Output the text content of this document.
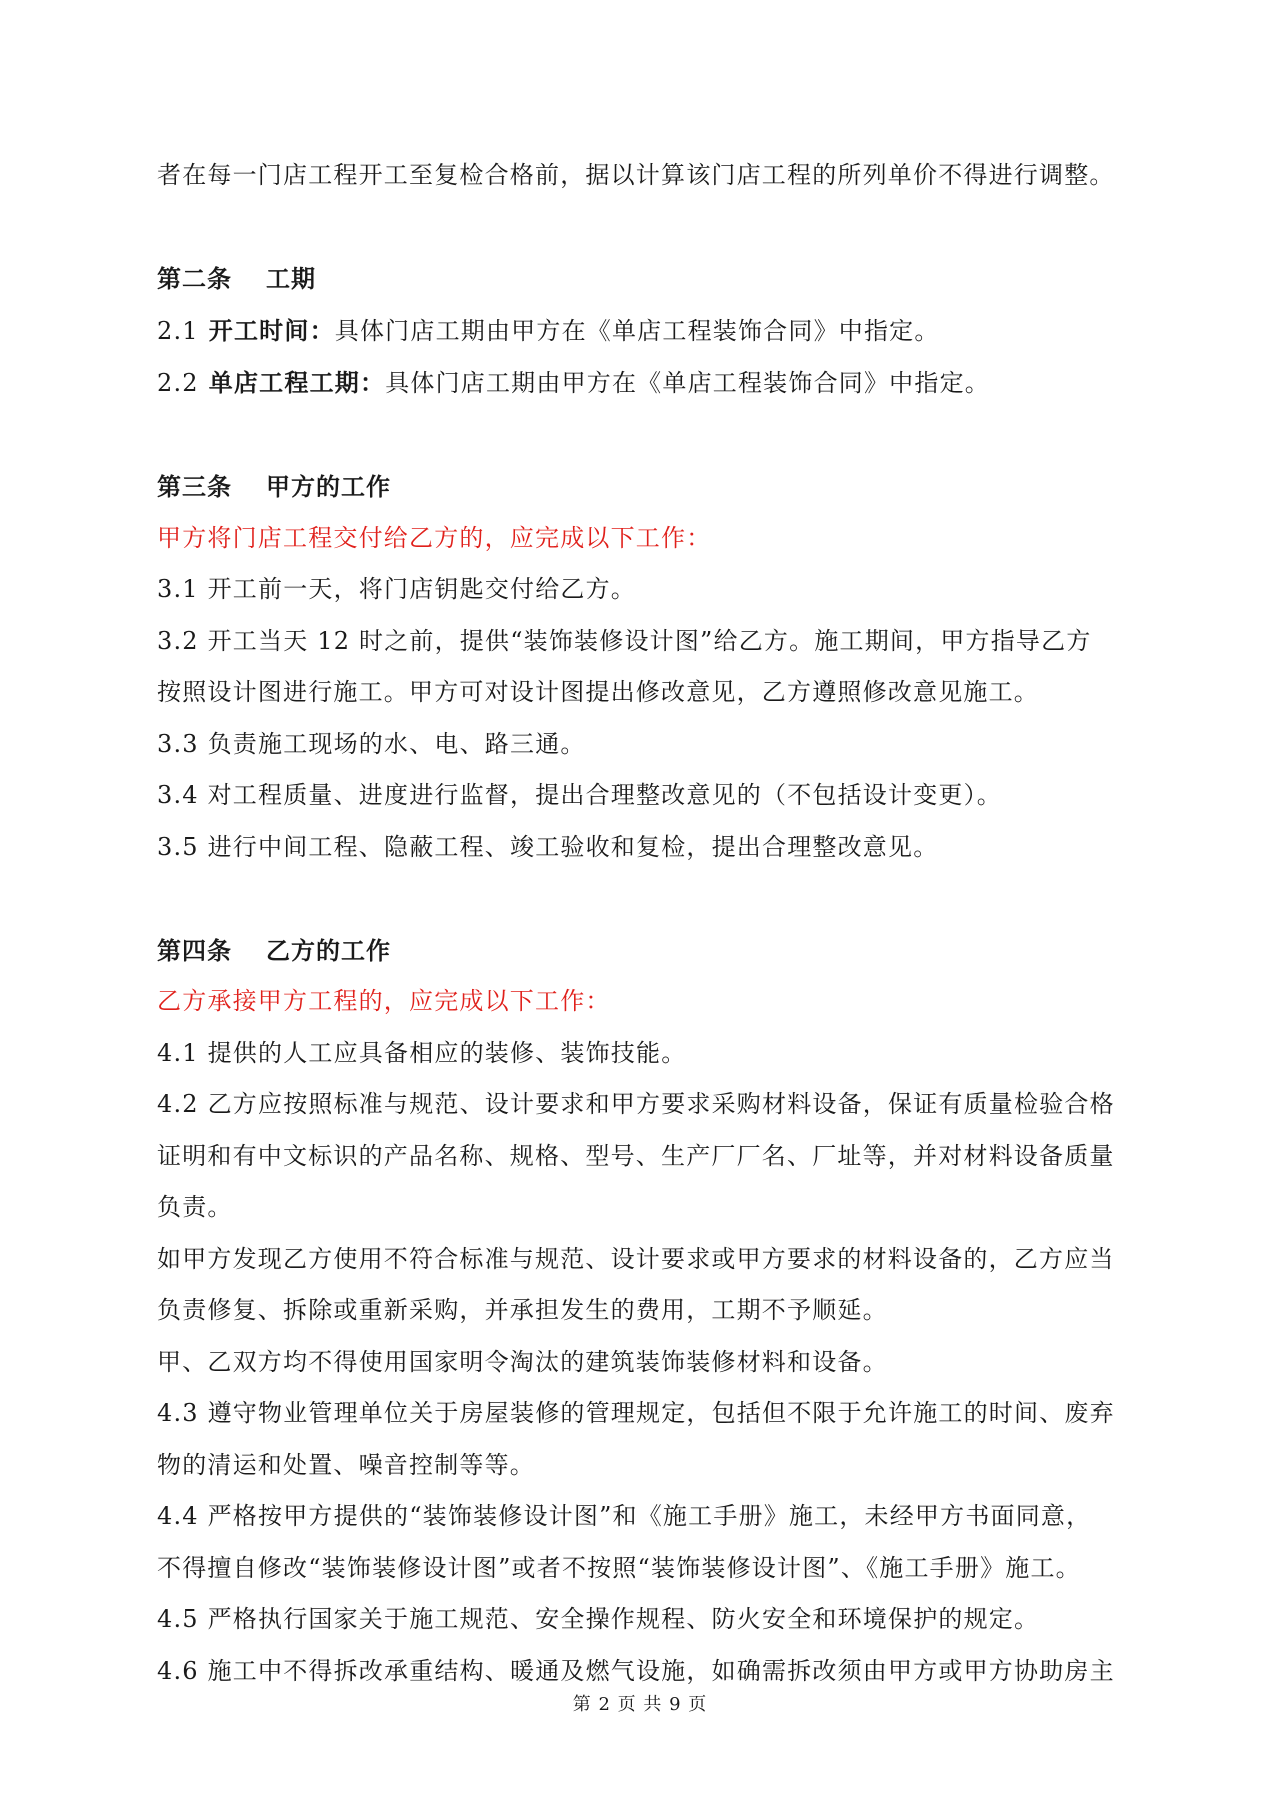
者在每一门店工程开工至复检合格前，据以计算该门店工程的所列单价不得进行调整。

第二条 工期

2.1 开工时间：具体门店工期由甲方在《单店工程装饰合同》中指定。

2.2 单店工程工期：具体门店工期由甲方在《单店工程装饰合同》中指定。

第三条 甲方的工作

甲方将门店工程交付给乙方的，应完成以下工作：

3.1 开工前一天，将门店钥匙交付给乙方。

3.2 开工当天 12 时之前，提供“装饰装修设计图”给乙方。施工期间，甲方指导乙方

按照设计图进行施工。甲方可对设计图提出修改意见，乙方遵照修改意见施工。

3.3 负责施工现场的水、电、路三通。

3.4 对工程质量、进度进行监督，提出合理整改意见的（不包括设计变更）。

3.5 进行中间工程、隐蔽工程、竣工验收和复检，提出合理整改意见。

第四条 乙方的工作

乙方承接甲方工程的，应完成以下工作：

4.1 提供的人工应具备相应的装修、装饰技能。

4.2 乙方应按照标准与规范、设计要求和甲方要求采购材料设备，保证有质量检验合格

证明和有中文标识的产品名称、规格、型号、生产厂厂名、厂址等，并对材料设备质量

负责。

如甲方发现乙方使用不符合标准与规范、设计要求或甲方要求的材料设备的，乙方应当

负责修复、拆除或重新采购，并承担发生的费用，工期不予顺延。

甲、乙双方均不得使用国家明令淘汰的建筑装饰装修材料和设备。

4.3 遵守物业管理单位关于房屋装修的管理规定，包括但不限于允许施工的时间、废弃

物的清运和处置、噪音控制等等。

4.4 严格按甲方提供的“装饰装修设计图”和《施工手册》施工，未经甲方书面同意，

不得擅自修改“装饰装修设计图”或者不按照“装饰装修设计图”、《施工手册》施工。

4.5 严格执行国家关于施工规范、安全操作规程、防火安全和环境保护的规定。

4.6 施工中不得拆改承重结构、暖通及燃气设施，如确需拆改须由甲方或甲方协助房主

第 2 页 共 9 页
